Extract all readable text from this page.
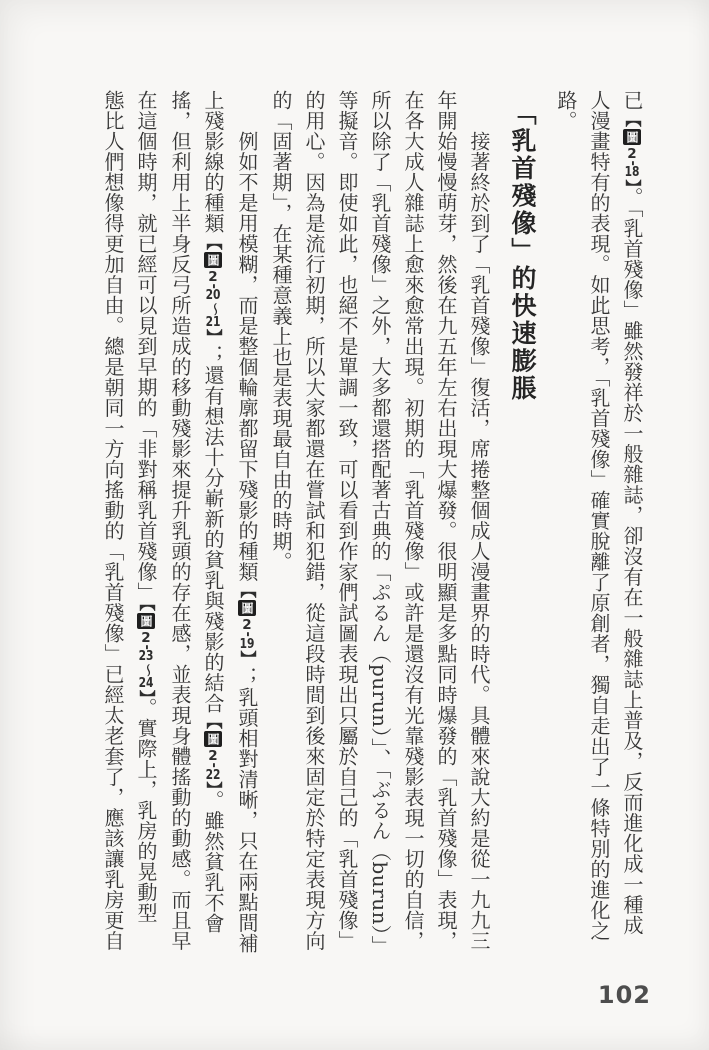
已【圖2-18】。「乳首殘像」雖然發祥於一般雜誌，卻沒有在一般雜誌上普及，反而進化成一種成
人漫畫特有的表現。如此思考，「乳首殘像」確實脫離了原創者，獨自走出了一條特別的進化之
路。
「乳首殘像」的快速膨脹
接著終於到了「乳首殘像」復活，席捲整個成人漫畫界的時代。具體來說大約是從一九九三
年開始慢慢萌芽，然後在九五年左右出現大爆發。很明顯是多點同時爆發的「乳首殘像」表現，
在各大成人雜誌上愈來愈常出現。初期的「乳首殘像」或許是還沒有光靠殘影表現一切的自信，
所以除了「乳首殘像」之外，大多都還搭配著古典的「ぷるん（purun）」、「ぶるん（burun）」
等擬音。即使如此，也絕不是單調一致，可以看到作家們試圖表現出只屬於自己的「乳首殘像」
的用心。因為是流行初期，所以大家都還在嘗試和犯錯，從這段時間到後來固定於特定表現方向
的「固著期」，在某種意義上也是表現最自由的時期。
例如不是用模糊，而是整個輪廓都留下殘影的種類【圖2-19】；乳頭相對清晰，只在兩點間補
上殘影線的種類【圖2-20～21】；還有想法十分嶄新的貧乳與殘影的結合【圖2-22】。雖然貧乳不會
搖，但利用上半身反弓所造成的移動殘影來提升乳頭的存在感，並表現身體搖動的動感。而且早
在這個時期，就已經可以見到早期的「非對稱乳首殘像」【圖2-23～24】。實際上，乳房的晃動型
態比人們想像得更加自由。總是朝同一方向搖動的「乳首殘像」已經太老套了，應該讓乳房更自
102
